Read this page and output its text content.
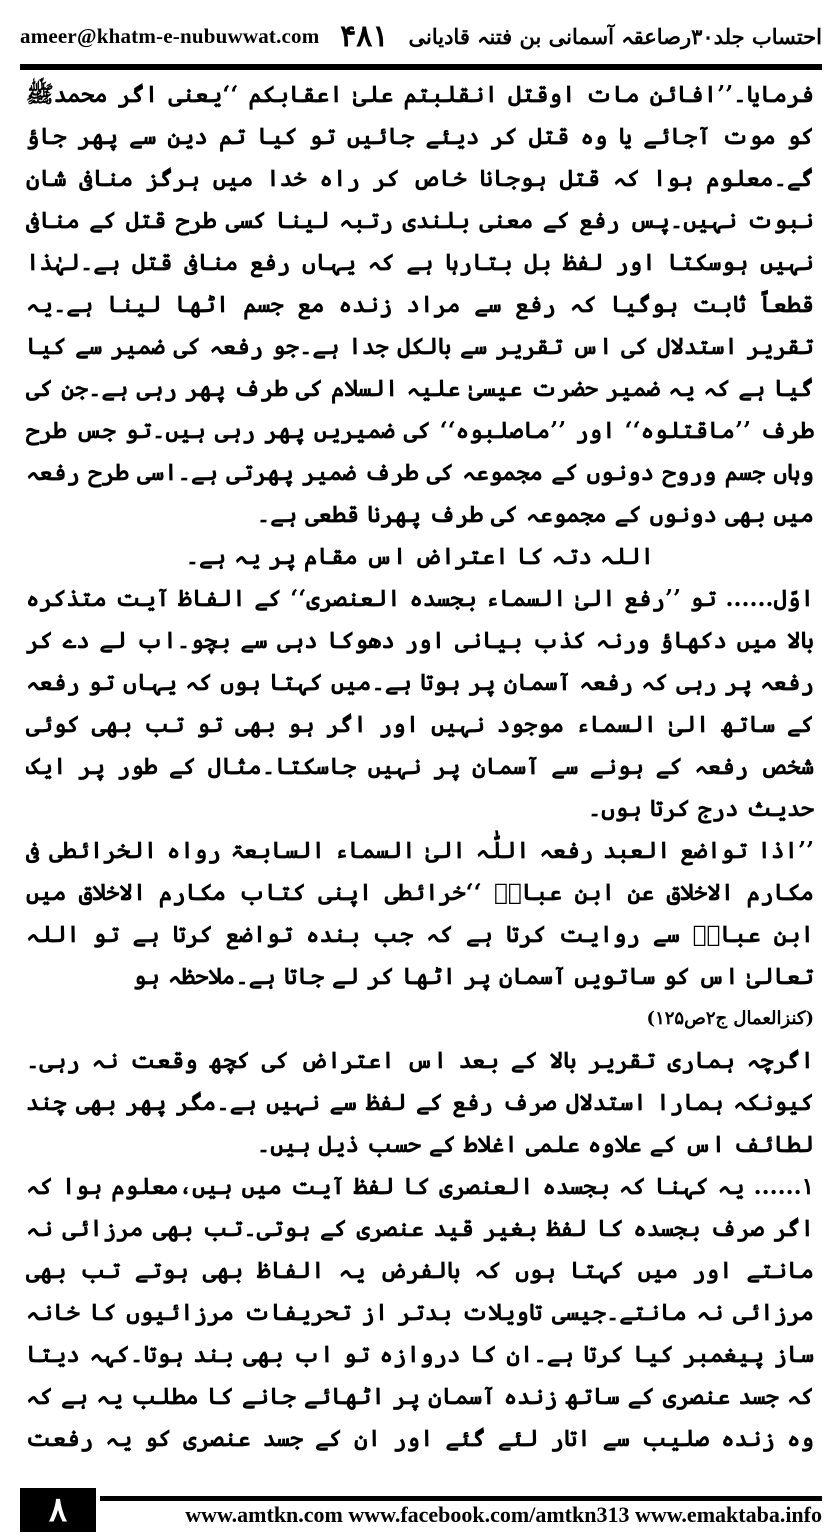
ameer@khatm-e-nubuwwat.com ۴۸۱ احتساب جلد۳۰رصاعقہ آسمانی بن فتنہ قادیانی

فرمایا۔’’افائن مات اوقتل انقلبتم علیٰ اعقابکم ‘‘یعنی اگر محمدﷺ کو موت آجائے یا وہ قتل کر دیئے جائیں تو کیا تم دین سے پھر جاؤ گے۔معلوم ہوا کہ قتل ہوجانا خاص کر راہ خدا میں ہرگز منافی شان نبوت نہیں۔پس رفع کے معنی بلندی رتبہ لینا کسی طرح قتل کے منافی نہیں ہوسکتا اور لفظ بل بتارہا ہے کہ یہاں رفع منافی قتل ہے۔لہٰذا قطعاً ثابت ہوگیا کہ رفع سے مراد زندہ مع جسم اٹھا لینا ہے۔یہ تقریر استدلال کی اس تقریر سے بالکل جدا ہے۔جو رفعہ کی ضمیر سے کیا گیا ہے کہ یہ ضمیر حضرت عیسیٰ علیہ السلام کی طرف پھر رہی ہے۔جن کی طرف ’’ماقتلوہ‘‘ اور ’’ماصلبوہ‘‘ کی ضمیریں پھر رہی ہیں۔تو جس طرح وہاں جسم وروح دونوں کے مجموعہ کی طرف ضمیر پھرتی ہے۔اسی طرح رفعہ میں بھی دونوں کے مجموعہ کی طرف پھرنا قطعی ہے۔

اللہ دتہ کا اعتراض اس مقام پر یہ ہے۔

اوّل...... تو ’’رفع الیٰ السماء بجسدہ العنصری‘‘ کے الفاظ آیت متذکرہ بالا میں دکھاؤ ورنہ کذب بیانی اور دھوکا دہی سے بچو۔اب لے دے کر رفعہ پر رہی کہ رفعہ آسمان پر ہوتا ہے۔میں کہتا ہوں کہ یہاں تو رفعہ کے ساتھ الیٰ السماء موجود نہیں اور اگر ہو بھی تو تب بھی کوئی شخص رفعہ کے ہونے سے آسمان پر نہیں جاسکتا۔مثال کے طور پر ایک حدیث درج کرتا ہوں۔

’’اذا تواضع العبد رفعہ اللّٰہ الیٰ السماء السابعۃ رواہ الخرائطی فی مکارم الاخلاق عن ابن عباسؓ ‘‘خرائطی اپنی کتاب مکارم الاخلاق میں ابن عباسؓ سے روایت کرتا ہے کہ جب بندہ تواضع کرتا ہے تو اللہ تعالیٰ اس کو ساتویں آسمان پر اٹھا کر لے جاتا ہے۔ملاحظہ ہو

(کنزالعمال ج۲ص۱۲۵)

اگرچہ ہماری تقریر بالا کے بعد اس اعتراض کی کچھ وقعت نہ رہی۔کیونکہ ہمارا استدلال صرف رفع کے لفظ سے نہیں ہے۔مگر پھر بھی چند لطائف اس کے علاوہ علمی اغلاط کے حسب ذیل ہیں۔

۱...... یہ کہنا کہ بجسدہ العنصری کا لفظ آیت میں ہیں،معلوم ہوا کہ اگر صرف بجسدہ کا لفظ بغیر قید عنصری کے ہوتی۔تب بھی مرزائی نہ مانتے اور میں کہتا ہوں کہ بالفرض یہ الفاظ بھی ہوتے تب بھی مرزائی نہ مانتے۔جیسی تاویلات بدتر از تحریفات مرزائیوں کا خانہ ساز پیغمبر کیا کرتا ہے۔ان کا دروازہ تو اب بھی بند ہوتا۔کہہ دیتا کہ جسد عنصری کے ساتھ زندہ آسمان پر اٹھائے جانے کا مطلب یہ ہے کہ وہ زندہ صلیب سے اتار لئے گئے اور ان کے جسد عنصری کو یہ رفعت

۸	www.amtkn.com www.facebook.com/amtkn313 www.emaktaba.info
